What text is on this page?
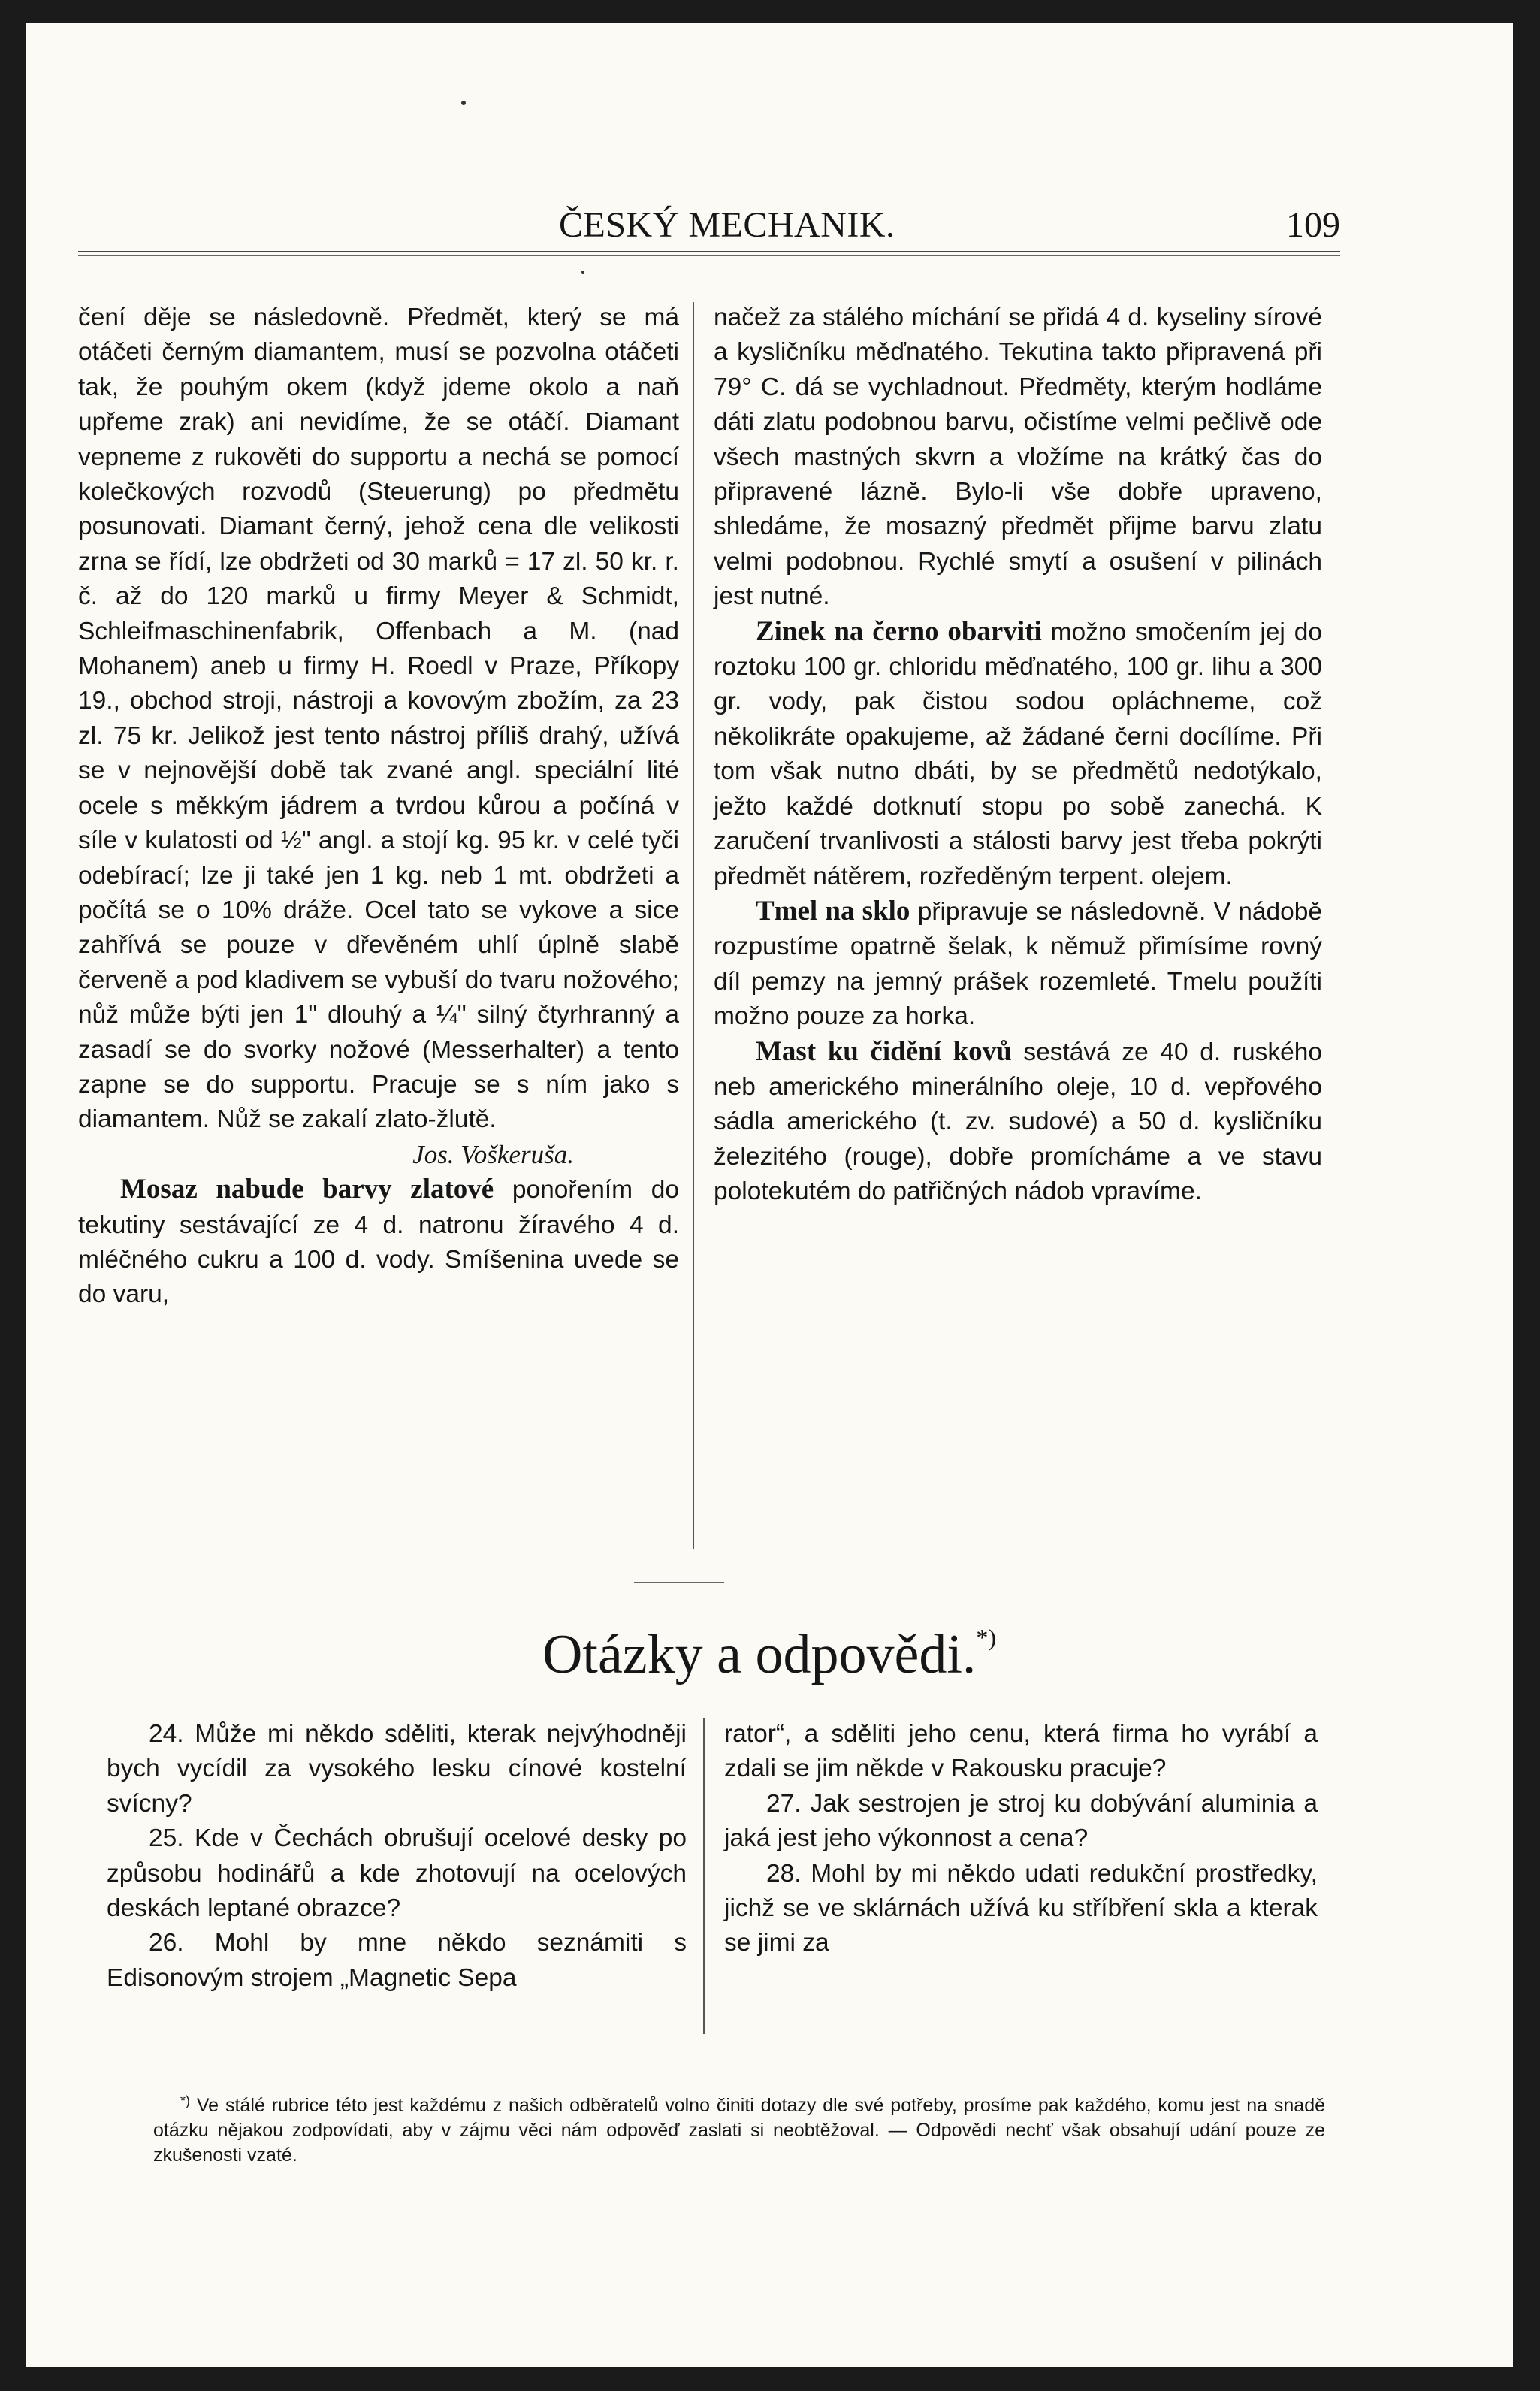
ČESKÝ MECHANIK.	109

čení děje se následovně. Předmět, který se má otáčeti černým diamantem, musí se pozvolna otáčeti tak, že pouhým okem (když jdeme okolo a naň upřeme zrak) ani nevidíme, že se otáčí. Diamant vepneme z rukověti do supportu a nechá se pomocí kolečkových rozvodů (Steuerung) po předmětu posunovati. Diamant černý, jehož cena dle velikosti zrna se řídí, lze obdržeti od 30 marků = 17 zl. 50 kr. r. č. až do 120 marků u firmy Meyer & Schmidt, Schleifmaschinenfabrik, Offenbach a M. (nad Mohanem) aneb u firmy H. Roedl v Praze, Příkopy 19., obchod stroji, nástroji a kovovým zbožím, za 23 zl. 75 kr. Jelikož jest tento nástroj příliš drahý, užívá se v nejnovější době tak zvané angl. speciální lité ocele s měkkým jádrem a tvrdou kůrou a počíná v síle v kulatosti od ½" angl. a stojí kg. 95 kr. v celé tyči odebírací; lze ji také jen 1 kg. neb 1 mt. obdržeti a počítá se o 10% dráže. Ocel tato se vykove a sice zahřívá se pouze v dřevěném uhlí úplně slabě červeně a pod kladivem se vybuší do tvaru nožového; nůž může býti jen 1" dlouhý a ¼" silný čtyrhranný a zasadí se do svorky nožové (Messerhalter) a tento zapne se do supportu. Pracuje se s ním jako s diamantem. Nůž se zakalí zlato-žlutě.

Jos. Voškeruša.

Mosaz nabude barvy zlatové ponořením do tekutiny sestávající ze 4 d. natronu žíravého 4 d. mléčného cukru a 100 d. vody. Smíšenina uvede se do varu,

načež za stálého míchání se přidá 4 d. kyseliny sírové a kysličníku měďnatého. Tekutina takto připravená při 79° C. dá se vychladnout. Předměty, kterým hodláme dáti zlatu podobnou barvu, očistíme velmi pečlivě ode všech mastných skvrn a vložíme na krátký čas do připravené lázně. Bylo-li vše dobře upraveno, shledáme, že mosazný předmět přijme barvu zlatu velmi podobnou. Rychlé smytí a osušení v pilinách jest nutné.

Zinek na černo obarviti možno smočením jej do roztoku 100 gr. chloridu měďnatého, 100 gr. lihu a 300 gr. vody, pak čistou sodou opláchneme, což několikráte opakujeme, až žádané černi docílíme. Při tom však nutno dbáti, by se předmětů nedotýkalo, ježto každé dotknutí stopu po sobě zanechá. K zaručení trvanlivosti a stálosti barvy jest třeba pokrýti předmět nátěrem, rozředěným terpent. olejem.

Tmel na sklo připravuje se následovně. V nádobě rozpustíme opatrně šelak, k němuž přimísíme rovný díl pemzy na jemný prášek rozemleté. Tmelu použíti možno pouze za horka.

Mast ku čidění kovů sestává ze 40 d. ruského neb amerického minerálního oleje, 10 d. vepřového sádla amerického (t. zv. sudové) a 50 d. kysličníku železitého (rouge), dobře promícháme a ve stavu polotekutém do patřičných nádob vpravíme.

Otázky a odpovědi.*)

24. Může mi někdo sděliti, kterak nejvýhodněji bych vycídil za vysokého lesku cínové kostelní svícny?

25. Kde v Čechách obrušují ocelové desky po způsobu hodinářů a kde zhotovují na ocelových deskách leptané obrazce?

26. Mohl by mne někdo seznámiti s Edisonovým strojem „Magnetic Sepa

rator“, a sděliti jeho cenu, která firma ho vyrábí a zdali se jim někde v Rakousku pracuje?

27. Jak sestrojen je stroj ku dobývání aluminia a jaká jest jeho výkonnost a cena?

28. Mohl by mi někdo udati redukční prostředky, jichž se ve sklárnách užívá ku stříbření skla a kterak se jimi za

*) Ve stálé rubrice této jest každému z našich odběratelů volno činiti dotazy dle své potřeby, prosíme pak každého, komu jest na snadě otázku nějakou zodpovídati, aby v zájmu věci nám odpověď zaslati si neobtěžoval. — Odpovědi nechť však obsahují udání pouze ze zkušenosti vzaté.
